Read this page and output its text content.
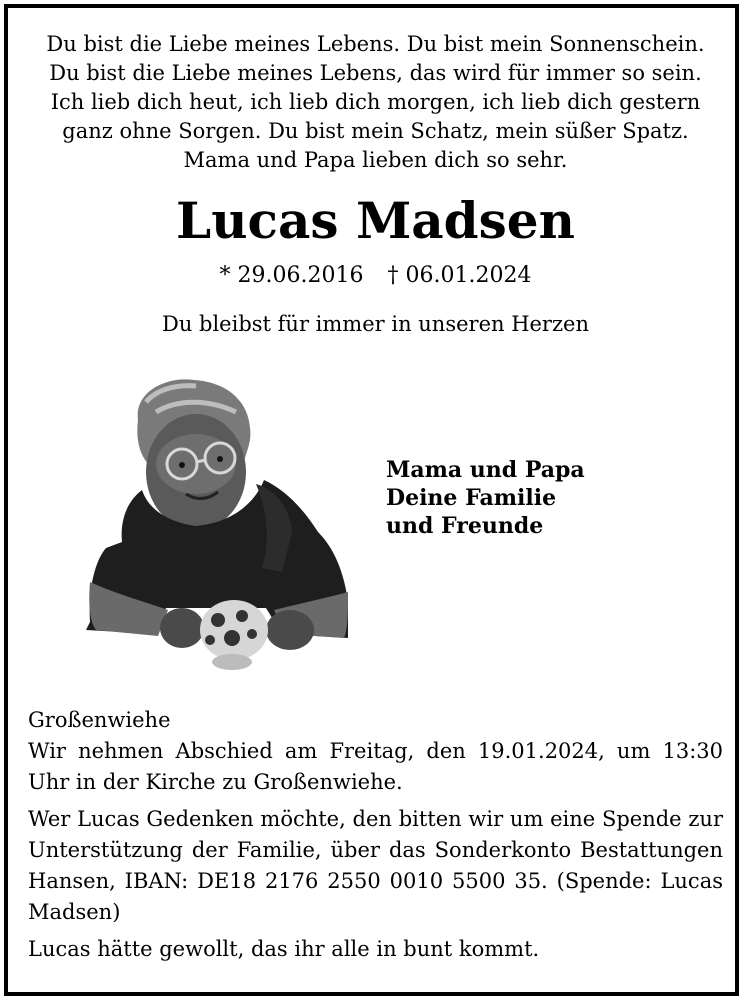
Du bist die Liebe meines Lebens. Du bist mein Sonnenschein.
Du bist die Liebe meines Lebens, das wird für immer so sein.
Ich lieb dich heut, ich lieb dich morgen, ich lieb dich gestern
ganz ohne Sorgen. Du bist mein Schatz, mein süßer Spatz.
Mama und Papa lieben dich so sehr.
Lucas Madsen
* 29.06.2016 † 06.01.2024
Du bleibst für immer in unseren Herzen
Mama und Papa
Deine Familie
und Freunde

Großenwiehe

Wir nehmen Abschied am Freitag, den 19.01.2024, um 13:30 Uhr in der Kirche zu Großenwiehe.

Wer Lucas Gedenken möchte, den bitten wir um eine Spende zur Unterstützung der Familie, über das Sonderkonto Bestattungen Hansen, IBAN: DE18 2176 2550 0010 5500 35. (Spende: Lucas Madsen)

Lucas hätte gewollt, das ihr alle in bunt kommt.
